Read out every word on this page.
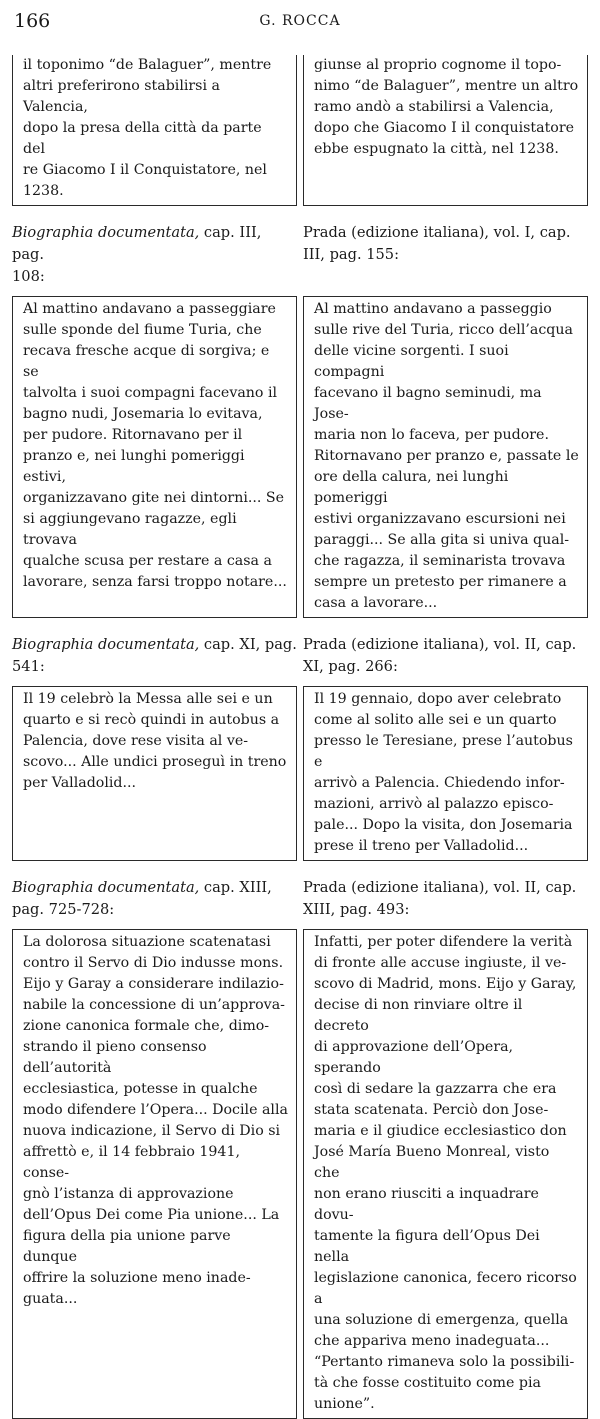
166	G. ROCCA
il toponimo “de Balaguer”, mentre
altri preferirono stabilirsi a Valencia,
dopo la presa della città da parte del
re Giacomo I il Conquistatore, nel
1238.
giunse al proprio cognome il topo-
nimo “de Balaguer”, mentre un altro
ramo andò a stabilirsi a Valencia,
dopo che Giacomo I il conquistatore
ebbe espugnato la città, nel 1238.
Biographia documentata, cap. III, pag.
108:
Prada (edizione italiana), vol. I, cap.
III, pag. 155:
Al mattino andavano a passeggiare
sulle sponde del fiume Turia, che
recava fresche acque di sorgiva; e se
talvolta i suoi compagni facevano il
bagno nudi, Josemaria lo evitava,
per pudore. Ritornavano per il
pranzo e, nei lunghi pomeriggi estivi,
organizzavano gite nei dintorni... Se
si aggiungevano ragazze, egli trovava
qualche scusa per restare a casa a
lavorare, senza farsi troppo notare...
Al mattino andavano a passeggio
sulle rive del Turia, ricco dell’acqua
delle vicine sorgenti. I suoi compagni
facevano il bagno seminudi, ma Jose-
maria non lo faceva, per pudore.
Ritornavano per pranzo e, passate le
ore della calura, nei lunghi pomeriggi
estivi organizzavano escursioni nei
paraggi... Se alla gita si univa qual-
che ragazza, il seminarista trovava
sempre un pretesto per rimanere a
casa a lavorare...
Biographia documentata, cap. XI, pag.
541:
Prada (edizione italiana), vol. II, cap.
XI, pag. 266:
Il 19 celebrò la Messa alle sei e un
quarto e si recò quindi in autobus a
Palencia, dove rese visita al ve-
scovo... Alle undici proseguì in treno
per Valladolid...
Il 19 gennaio, dopo aver celebrato
come al solito alle sei e un quarto
presso le Teresiane, prese l’autobus e
arrivò a Palencia. Chiedendo infor-
mazioni, arrivò al palazzo episco-
pale... Dopo la visita, don Josemaria
prese il treno per Valladolid...
Biographia documentata, cap. XIII,
pag. 725-728:
Prada (edizione italiana), vol. II, cap.
XIII, pag. 493:
La dolorosa situazione scatenatasi
contro il Servo di Dio indusse mons.
Eijo y Garay a considerare indilazio-
nabile la concessione di un’approva-
zione canonica formale che, dimo-
strando il pieno consenso dell’autorità
ecclesiastica, potesse in qualche
modo difendere l’Opera... Docile alla
nuova indicazione, il Servo di Dio si
affrettò e, il 14 febbraio 1941, conse-
gnò l’istanza di approvazione
dell’Opus Dei come Pia unione... La
figura della pia unione parve dunque
offrire la soluzione meno inade-
guata...
Infatti, per poter difendere la verità
di fronte alle accuse ingiuste, il ve-
scovo di Madrid, mons. Eijo y Garay,
decise di non rinviare oltre il decreto
di approvazione dell’Opera, sperando
così di sedare la gazzarra che era
stata scatenata. Perciò don Jose-
maria e il giudice ecclesiastico don
José María Bueno Monreal, visto che
non erano riusciti a inquadrare dovu-
tamente la figura dell’Opus Dei nella
legislazione canonica, fecero ricorso a
una soluzione di emergenza, quella
che appariva meno inadeguata...
“Pertanto rimaneva solo la possibili-
tà che fosse costituito come pia
unione”.
